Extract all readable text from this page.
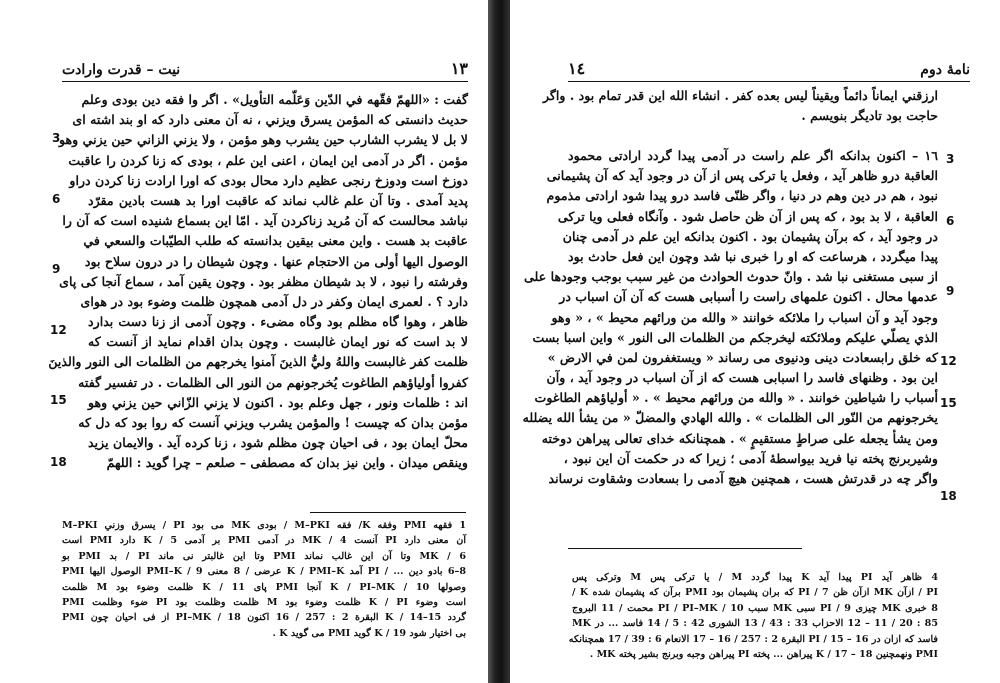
نیت – قدرت وارادت	١٣
گفت : «اللهمّ فقّهه في الدّين وَعَلّمه التأويل» . اگر وا فقه دين بودی وعلم
حدیث دانستی که المؤمن يسرق ويزني ، نه آن معنی دارد که او بند اشته ای
لا بل لا يشرب الشارب حين يشرب وهو مؤمن ، ولا يزني الزاني حين يزني وهو
مؤمن . اگر در آدمی این ایمان ، اعنی این علم ، بودی که زنا کردن را عاقبت
دوزخ است ودوزخ رنجی عظیم دارد محال بودی که اورا ارادت زنا کردن دراو
پدید آمدی . وتا آن علم غالب نماند که عاقبت اورا بد هست بادین مقرّد
نباشد محالست که آن مُرید زناکردن آید . امّا این بسماع شنیده است که آن را
عاقبت بد هست . واین معنی بیقین بدانسته که طلب الطيّبات والسعي في
الوصول اليها أولى من الاحتجام عنها . وچون شیطان را در درون سلاح بود
وفرشته را نبود ، لا بد شیطان مظفر بود . وچون یقین آمد ، سماع آنجا کی پای
دارد ؟ . لعمری ایمان وکفر در دل آدمی همچون ظلمت وضوء بود در هوای
ظاهر ، وهوا گاه مظلم بود وگاه مضیء . وچون آدمی از زنا دست بدارد
لا بد است که نور ایمان غالبست . وچون بدان اقدام نماید از آنست که
ظلمت کفر غالبست واللهُ وليُّ الذينَ آمنوا يخرجهم من الظلمات الى النور والذينَ
كفروا أولياؤهم الطاغوت يُخرجونهم من النور الى الظلمات . در تفسير گفته
اند : ظلمات ونور ، جهل وعلم بود . اکنون لا يزني الزّاني حين يزني وهو
مؤمن بدان که چیست ! والمؤمن يشرب ويزني آنست که روا بود که دل که
محلّ ایمان بود ، فی احیان چون مظلم شود ، زنا کرده آید . والايمان يزيد
وينقص میدان . واین نیز بدان که مصطفی – صلعم – چرا گوید : اللهمّ
3
6
9
12
15
18
1 فقهه PMI وفقه K/ فقه M–PKI / بودی MK می بود PI / يسرق وزني M–PKI
آن معنی دارد PI آنست MK / 4 در آدمی PMI بر آدمی K / 5 دارد PMI است
MK / 6 وتا آن این غالب نماند PMI وتا این غالبتر نی ماند PI / بد PMI بو
8–6 بادو دین ... / PI آمد K / PMI–K عرضی / 8 معنی PMI–K / 9 الوصول اليها PMI
وصولها K / PI–MK / 10 آنجا PMI پای K / 11 ظلمت وضوء بود M ظلمت
است وضوء K / PI ظلمت وضوء بود M ظلمت وظلمت بود PI ضوء وظلمت PMI
گردد K / 14–15 البقرة 2 : 257 / 16 اکنون PI–MK / 18 از فی احیان چون PMI
بی اختیار شود K / 19 گوید PMI می گوید K .
١٤	نامهٔ دوم
ارزقني ايماناً دائماً ويقيناً ليس بعده كفر . انشاء الله این قدر تمام بود . واگر
حاجت بود تادیگر بنویسم .
١٦ – اکنون بدانکه اگر علم راست در آدمی پیدا گردد ارادتی محمود
العاقبة درو ظاهر آید ، وفعل یا ترکی پس از آن در وجود آید که آن پشیمانی
نبود ، هم در دین وهم در دنیا ، واگر ظنّی فاسد درو پیدا شود ارادتی مذموم
العاقبة ، لا بد بود ، که پس از آن ظن حاصل شود . وآنگاه فعلی ویا ترکی
در وجود آید ، که برآن پشیمان بود . اکنون بدانکه این علم در آدمی چنان
پیدا میگردد ، هرساعت که او را خبری نبا شد وچون این فعل حادث بود
از سبی مستغنی نبا شد . وانّ حدوث الحوادث من غير سبب بوجب وجودها على
عدمها محال . اکنون علمهای راست را أسبابی هست که آن آن اسباب در
وجود آید و آن اسباب را ملائکه خوانند « والله من ورائهم محيط » ، « وهو
الذي يصلّي عليكم وملائكته ليخرجكم من الظلمات الى النور » واین اسبا بست
که خلق رابسعادت دینی ودنیوی می رساند « ويستغفرون لمن في الارض »
این بود . وظنهای فاسد را اسبابی هست که از آن اسباب در وجود آید ، وآن
أسباب را شیاطین خوانند . « والله من ورائهم محيط » . « أولياؤهم الطاغوت
يخرجونهم من النّور الى الظلمات » . والله الهادي والمضلّ « من يشأ الله يضلله
ومن يشأ يجعله على صراطٍ مستقيمٍ » . همچنانکه خدای تعالی پیراهن دوخته
وشیربرنج پخته نیا فرید بیواسطهٔ آدمی ؛ زیرا که در حکمت آن این نبود ،
واگر چه در قدرتش هست ، همچنین هیچ آدمی را بسعادت وشقاوت نرساند
3
6
9
12
15
18
4 ظاهر آید PI پیدا آید K پیدا گردد M / یا ترکی پس M وترکی پس
PI / ازآن MK ازآن ظن PI / 7 که بران پشیمان بود PMI برآن که پشیمان شده K /
8 خبری MK چیزی PI / 9 سبی MK سبب PI / PI–MK / 10 محمت / 11 البروج
85 : 20 / 11 – 12 الاحزاب 33 : 43 / 13 الشوری 42 : 5 / 14 فاسد ... در MK
فاسد که ازان در PI / 15 – 16 البقرة 2 : 257 / 16 – 17 الانعام 6 : 39 / 17 همچنانکه
PMI ونهمچنین K / 17 – 18 پیراهن ... پخته PI پیراهن وجبه وبرنج بشیر پخته MK .
